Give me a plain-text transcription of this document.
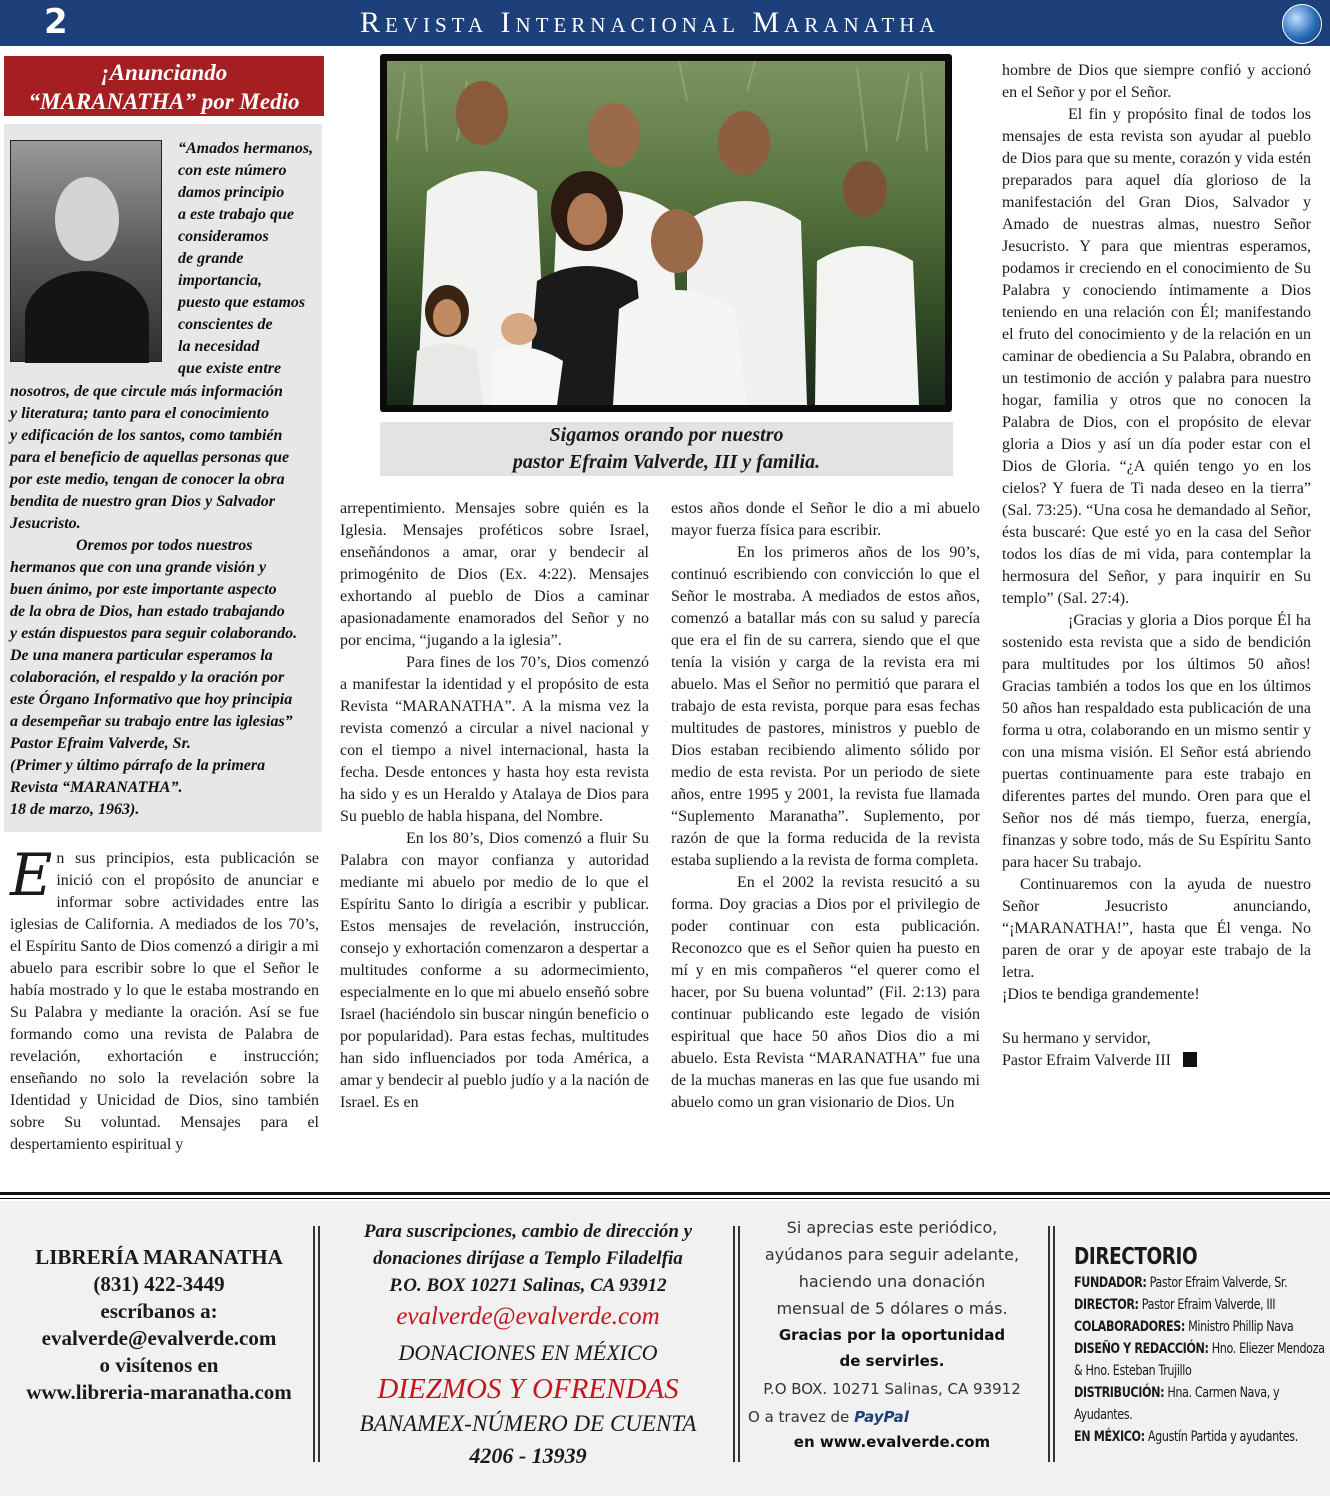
2	Revista Internacional Maranatha
¡Anunciando “MARANATHA” por Medio
“Amados hermanos,
con este número
damos principio
a este trabajo que
consideramos
de grande
importancia,
puesto que estamos
conscientes de
la necesidad
que existe entre
nosotros, de que circule más información
y literatura; tanto para el conocimiento
y edificación de los santos, como también
para el beneficio de aquellas personas que
por este medio, tengan de conocer la obra
bendita de nuestro gran Dios y Salvador
Jesucristo.
Oremos por todos nuestros
hermanos que con una grande visión y
buen ánimo, por este importante aspecto
de la obra de Dios, han estado trabajando
y están dispuestos para seguir colaborando.
De una manera particular esperamos la
colaboración, el respaldo y la oración por
este Órgano Informativo que hoy principia
a desempeñar su trabajo entre las iglesias”
Pastor Efraim Valverde, Sr.
(Primer y último párrafo de la primera
Revista “MARANATHA”.
18 de marzo, 1963).
Sigamos orando por nuestro
pastor Efraim Valverde, III y familia.
En sus principios, esta publicación se inició con el propósito de anunciar e informar sobre actividades entre las iglesias de California. A mediados de los 70’s, el Espíritu Santo de Dios comenzó a dirigir a mi abuelo para escribir sobre lo que el Señor le había mostrado y lo que le estaba mostrando en Su Palabra y mediante la oración. Así se fue formando como una revista de Palabra de revelación, exhortación e instrucción; enseñando no solo la revelación sobre la Identidad y Unicidad de Dios, sino también sobre Su voluntad. Mensajes para el despertamiento espiritual y

arrepentimiento. Mensajes sobre quién es la Iglesia. Mensajes proféticos sobre Israel, enseñándonos a amar, orar y bendecir al primogénito de Dios (Ex. 4:22). Mensajes exhortando al pueblo de Dios a caminar apasionadamente enamorados del Señor y no por encima, “jugando a la iglesia”.

Para fines de los 70’s, Dios comenzó a manifestar la identidad y el propósito de esta Revista “MARANATHA”. A la misma vez la revista comenzó a circular a nivel nacional y con el tiempo a nivel internacional, hasta la fecha. Desde entonces y hasta hoy esta revista ha sido y es un Heraldo y Atalaya de Dios para Su pueblo de habla hispana, del Nombre.

En los 80’s, Dios comenzó a fluir Su Palabra con mayor confianza y autoridad mediante mi abuelo por medio de lo que el Espíritu Santo lo dirigía a escribir y publicar. Estos mensajes de revelación, instrucción, consejo y exhortación comenzaron a despertar a multitudes conforme a su adormecimiento, especialmente en lo que mi abuelo enseñó sobre Israel (haciéndolo sin buscar ningún beneficio o por popularidad). Para estas fechas, multitudes han sido influenciados por toda América, a amar y bendecir al pueblo judío y a la nación de Israel. Es en

estos años donde el Señor le dio a mi abuelo mayor fuerza física para escribir.

En los primeros años de los 90’s, continuó escribiendo con convicción lo que el Señor le mostraba. A mediados de estos años, comenzó a batallar más con su salud y parecía que era el fin de su carrera, siendo que el que tenía la visión y carga de la revista era mi abuelo. Mas el Señor no permitió que parara el trabajo de esta revista, porque para esas fechas multitudes de pastores, ministros y pueblo de Dios estaban recibiendo alimento sólido por medio de esta revista. Por un periodo de siete años, entre 1995 y 2001, la revista fue llamada “Suplemento Maranatha”. Suplemento, por razón de que la forma reducida de la revista estaba supliendo a la revista de forma completa.

En el 2002 la revista resucitó a su forma. Doy gracias a Dios por el privilegio de poder continuar con esta publicación. Reconozco que es el Señor quien ha puesto en mí y en mis compañeros “el querer como el hacer, por Su buena voluntad” (Fil. 2:13) para continuar publicando este legado de visión espiritual que hace 50 años Dios dio a mi abuelo. Esta Revista “MARANATHA” fue una de la muchas maneras en las que fue usando mi abuelo como un gran visionario de Dios. Un

hombre de Dios que siempre confió y accionó en el Señor y por el Señor.

El fin y propósito final de todos los mensajes de esta revista son ayudar al pueblo de Dios para que su mente, corazón y vida estén preparados para aquel día glorioso de la manifestación del Gran Dios, Salvador y Amado de nuestras almas, nuestro Señor Jesucristo. Y para que mientras esperamos, podamos ir creciendo en el conocimiento de Su Palabra y conociendo íntimamente a Dios teniendo en una relación con Él; manifestando el fruto del conocimiento y de la relación en un caminar de obediencia a Su Palabra, obrando en un testimonio de acción y palabra para nuestro hogar, familia y otros que no conocen la Palabra de Dios, con el propósito de elevar gloria a Dios y así un día poder estar con el Dios de Gloria. “¿A quién tengo yo en los cielos? Y fuera de Ti nada deseo en la tierra” (Sal. 73:25). “Una cosa he demandado al Señor, ésta buscaré: Que esté yo en la casa del Señor todos los días de mi vida, para contemplar la hermosura del Señor, y para inquirir en Su templo” (Sal. 27:4).

¡Gracias y gloria a Dios porque Él ha sostenido esta revista que a sido de bendición para multitudes por los últimos 50 años! Gracias también a todos los que en los últimos 50 años han respaldado esta publicación de una forma u otra, colaborando en un mismo sentir y con una misma visión. El Señor está abriendo puertas continuamente para este trabajo en diferentes partes del mundo. Oren para que el Señor nos dé más tiempo, fuerza, energía, finanzas y sobre todo, más de Su Espíritu Santo para hacer Su trabajo.

Continuaremos con la ayuda de nuestro Señor Jesucristo anunciando, “¡MARANATHA!”, hasta que Él venga. No paren de orar y de apoyar este trabajo de la letra.

¡Dios te bendiga grandemente!

Su hermano y servidor,

Pastor Efraim Valverde III

LIBRERÍA MARANATHA
(831) 422-3449
escríbanos a:
evalverde@evalverde.com
o visítenos en
www.libreria-maranatha.com
Para suscripciones, cambio de dirección y
donaciones diríjase a Templo Filadelfia
P.O. BOX 10271 Salinas, CA 93912
evalverde@evalverde.com
DONACIONES EN MÉXICO
DIEZMOS Y OFRENDAS
BANAMEX-NÚMERO DE CUENTA
4206 - 13939
Si aprecias este periódico,
ayúdanos para seguir adelante,
haciendo una donación
mensual de 5 dólares o más.
Gracias por la oportunidad
de servirles.
P.O BOX. 10271 Salinas, CA 93912
O a travez de PayPal
en www.evalverde.com
DIRECTORIO
FUNDADOR: Pastor Efraim Valverde, Sr.
DIRECTOR: Pastor Efraim Valverde, III
COLABORADORES: Ministro Phillip Nava
DISEÑO Y REDACCIÓN: Hno. Eliezer Mendoza
& Hno. Esteban Trujillo
DISTRIBUCIÓN: Hna. Carmen Nava, y Ayudantes.
EN MÉXICO: Agustín Partida y ayudantes.
